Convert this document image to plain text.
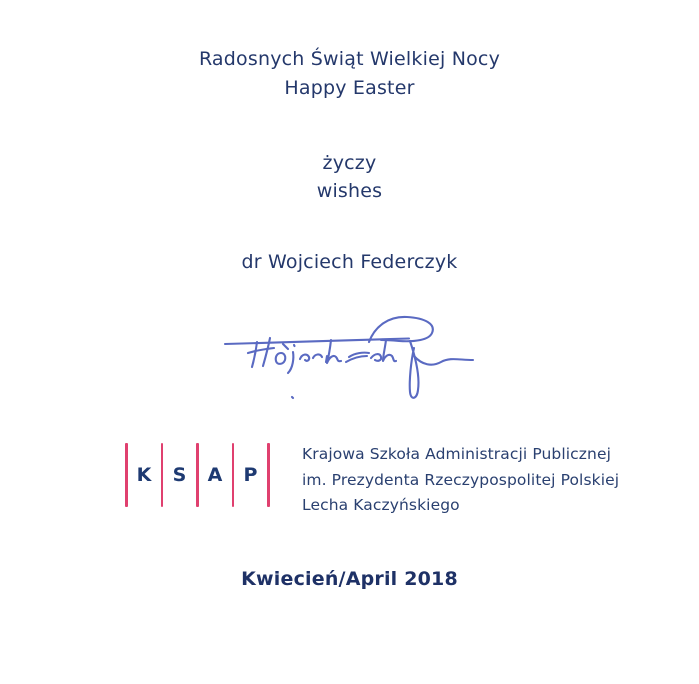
Radosnych Świąt Wielkiej Nocy
Happy Easter
życzy
wishes
dr Wojciech Federczyk
K S A P
Krajowa Szkoła Administracji Publicznej
im. Prezydenta Rzeczypospolitej Polskiej
Lecha Kaczyńskiego
Kwiecień/April 2018
